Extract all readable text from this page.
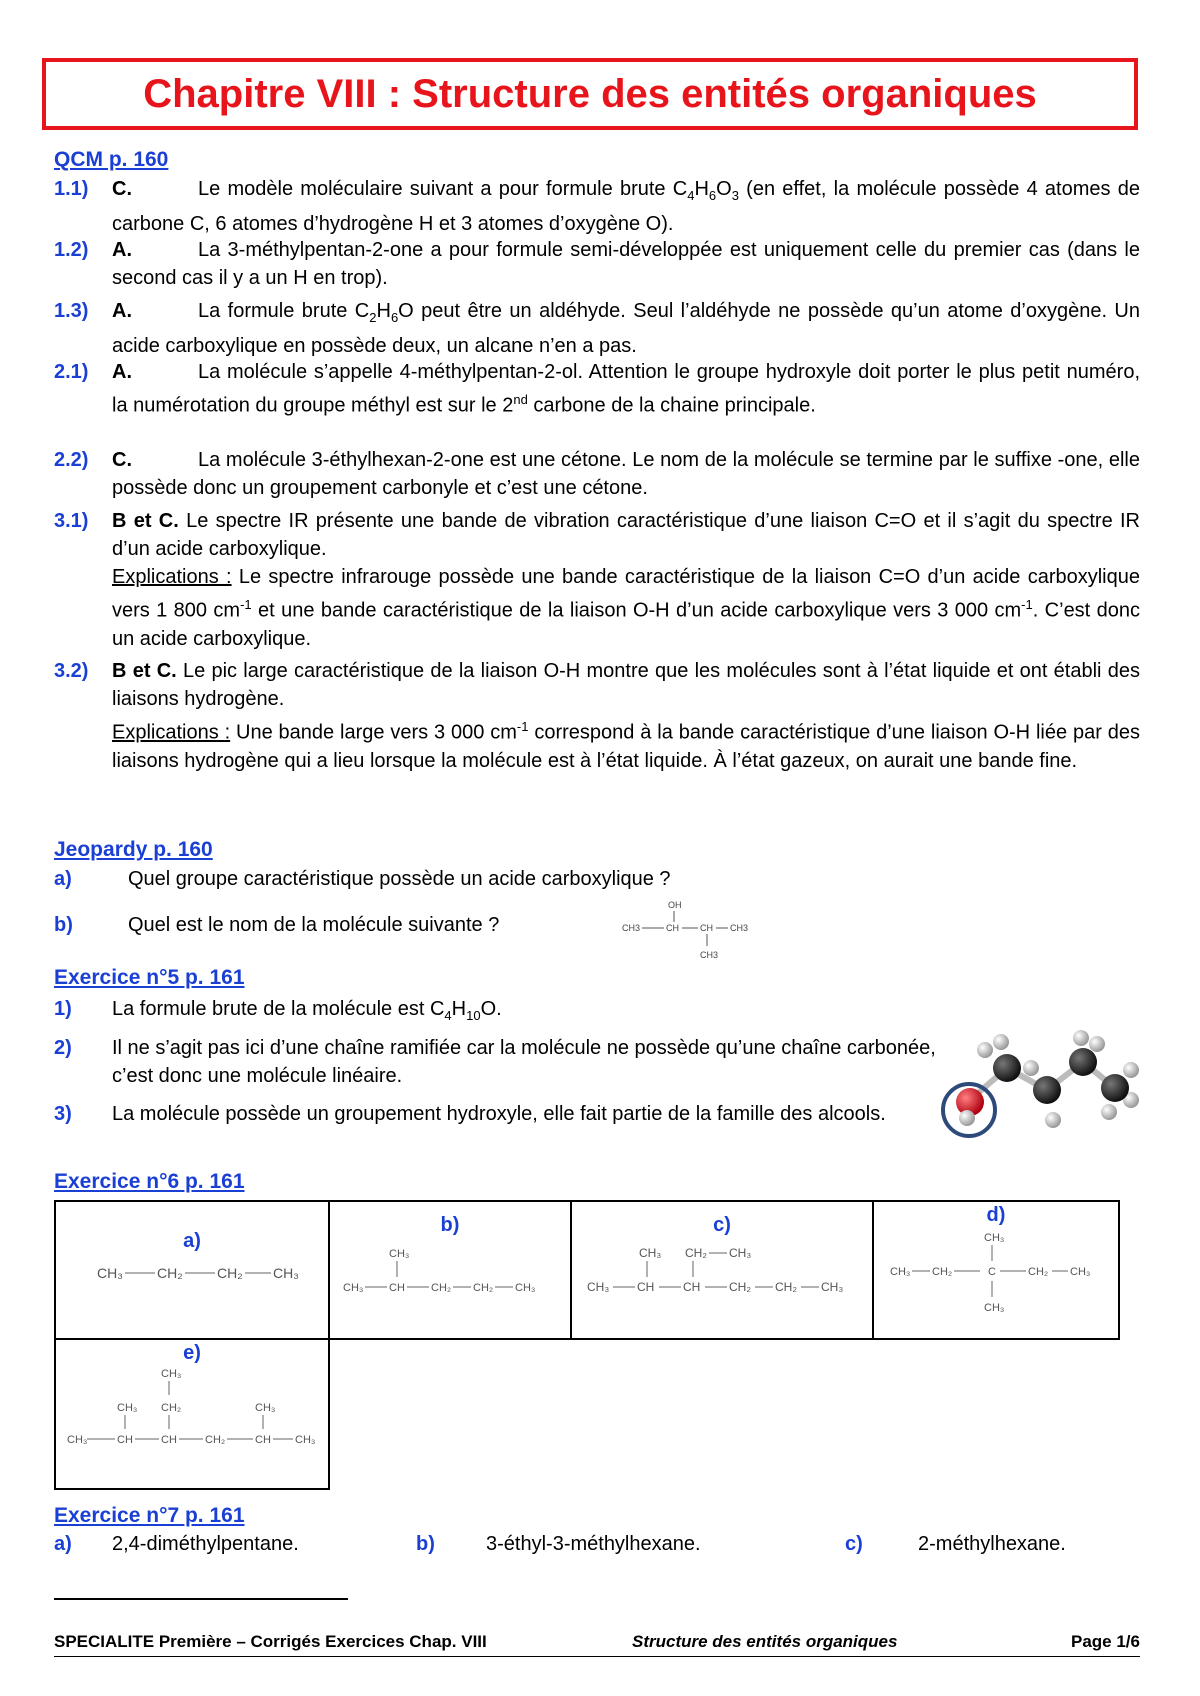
Chapitre VIII : Structure des entités organiques
QCM p. 160
1.1) C.	Le modèle moléculaire suivant a pour formule brute $C_4H_6O_3$ (en effet, la molécule possède 4 atomes de carbone C, 6 atomes d’hydrogène H et 3 atomes d’oxygène O).
1.2) A.	La 3-méthylpentan-2-one a pour formule semi-développée est uniquement celle du premier cas (dans le second cas il y a un H en trop).
1.3) A.	La formule brute $C_2H_6O$ peut être un aldéhyde. Seul l’aldéhyde ne possède qu’un atome d’oxygène. Un acide carboxylique en possède deux, un alcane n’en a pas.
2.1) A.	La molécule s’appelle 4-méthylpentan-2-ol. Attention le groupe hydroxyle doit porter le plus petit numéro, la numérotation du groupe méthyl est sur le 2nd carbone de la chaine principale.
2.2) C.	La molécule 3-éthylhexan-2-one est une cétone. Le nom de la molécule se termine par le suffixe -one, elle possède donc un groupement carbonyle et c’est une cétone.
3.1) B et C. Le spectre IR présente une bande de vibration caractéristique d’une liaison C=O et il s’agit du spectre IR d’un acide carboxylique.
Explications : Le spectre infrarouge possède une bande caractéristique de la liaison C=O d’un acide carboxylique vers 1 800 $cm^{-1}$ et une bande caractéristique de la liaison O-H d’un acide carboxylique vers 3 000 $cm^{-1}$. C’est donc un acide carboxylique.
3.2) B et C. Le pic large caractéristique de la liaison O-H montre que les molécules sont à l’état liquide et ont établi des liaisons hydrogène.
Explications : Une bande large vers 3 000 $cm^{-1}$ correspond à la bande caractéristique d’une liaison O-H liée par des liaisons hydrogène qui a lieu lorsque la molécule est à l’état liquide. À l’état gazeux, on aurait une bande fine.
Jeopardy p. 160
a)	Quel groupe caractéristique possède un acide carboxylique ?
b)	Quel est le nom de la molécule suivante ?
OH
CH3	CH CH CH3
CH3
Exercice n°5 p. 161
1) La formule brute de la molécule est $C_4H_{10}O$.
2) Il ne s’agit pas ici d’une chaîne ramifiée car la molécule ne possède qu’une chaîne carbonée, c’est donc une molécule linéaire.
3) La molécule possède un groupement hydroxyle, elle fait partie de la famille des alcools.
Exercice n°6 p. 161
a)
CH₃ CH₂ CH₂ CH₃

b)
CH₃
CH₃ CH CH₂ CH₂ CH₃

c)
CH₃ CH₂ CH₃
CH₃ CH CH CH₂ CH₂ CH₃

d)
CH₃
CH₃ CH₂	C	CH₂ CH₃
CH₃

e)
CH₃
CH₃ CH₂	CH₃
CH₃	CH	CH	CH₂	CH CH₃
Exercice n°7 p. 161
a) 2,4-diméthylpentane.	b)	3-éthyl-3-méthylhexane.	c)	2-méthylhexane.
SPECIALITE Première – Corrigés Exercices Chap. VIII	Structure des entités organiques	Page 1/6
